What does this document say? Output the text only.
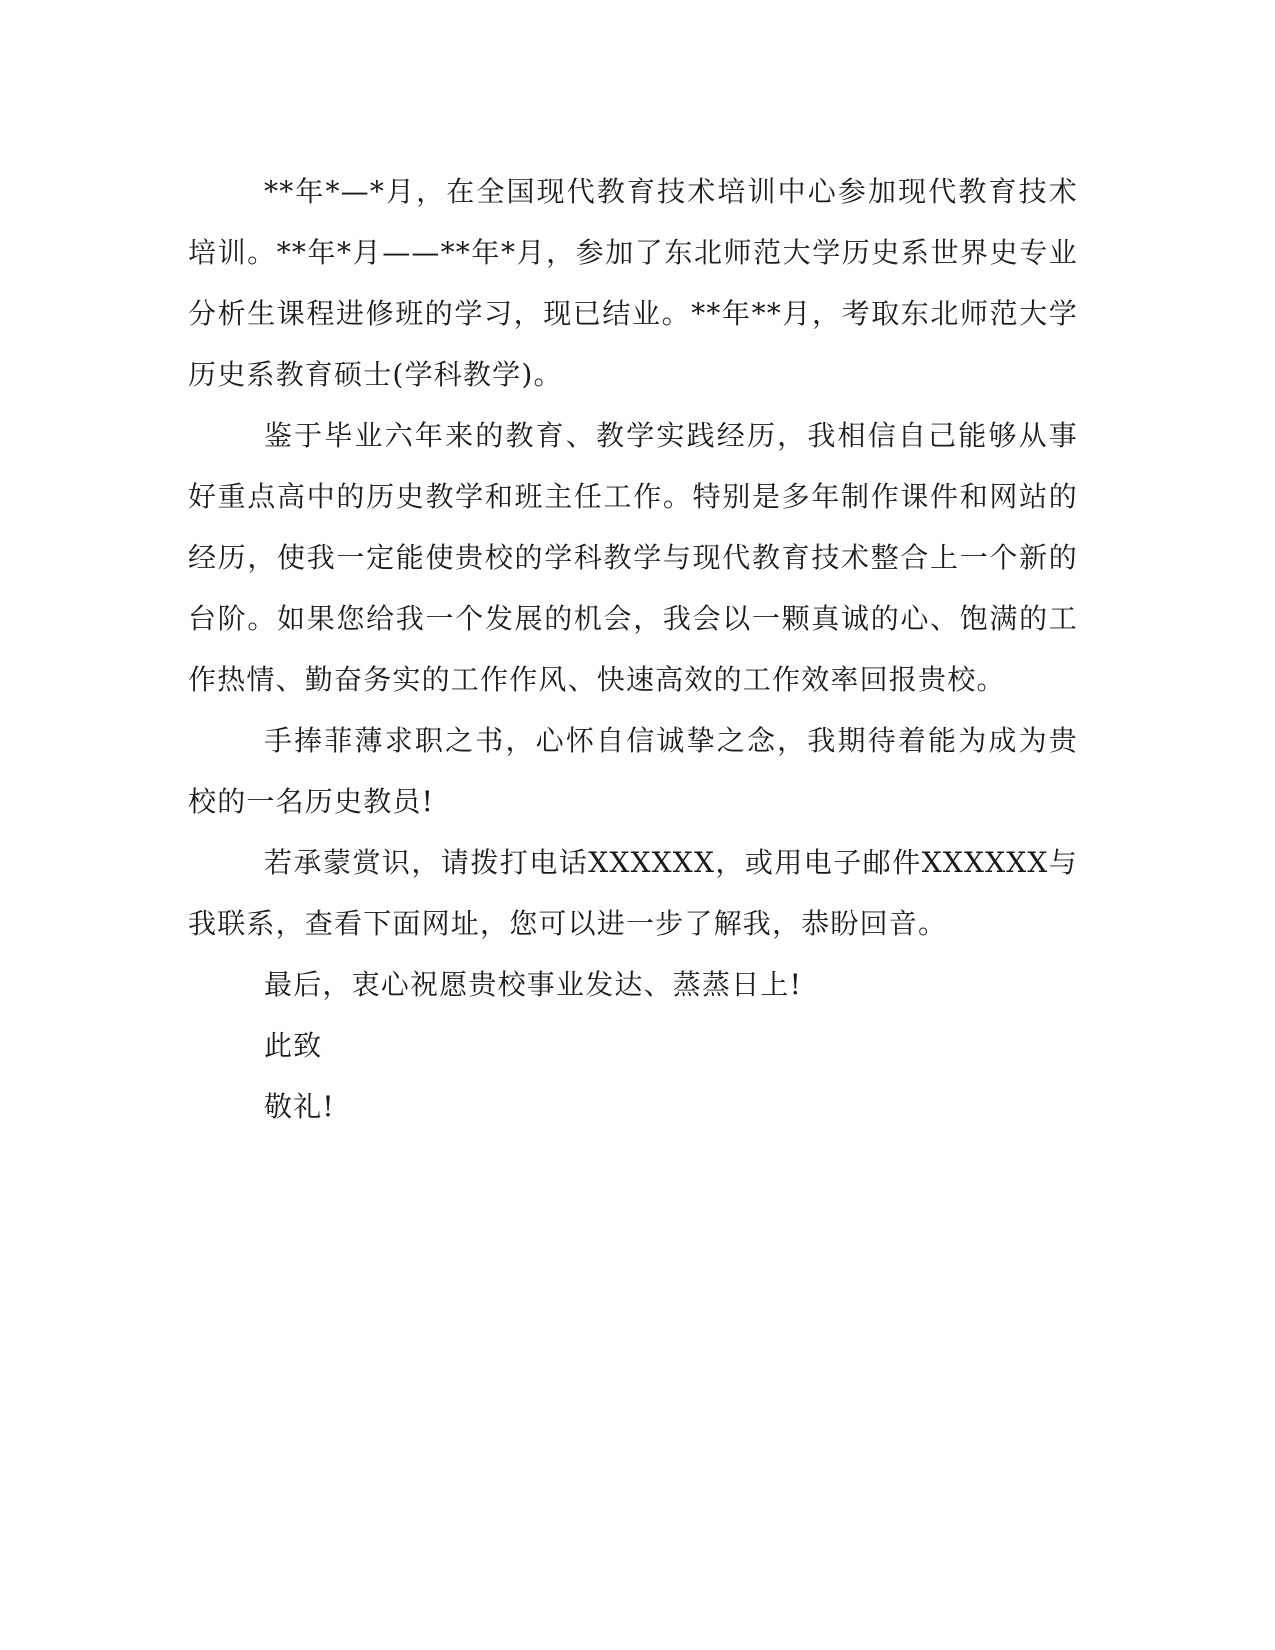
**年*—*月，在全国现代教育技术培训中心参加现代教育技术培训。**年*月——**年*月，参加了东北师范大学历史系世界史专业分析生课程进修班的学习，现已结业。**年**月，考取东北师范大学历史系教育硕士(学科教学)。

鉴于毕业六年来的教育、教学实践经历，我相信自己能够从事好重点高中的历史教学和班主任工作。特别是多年制作课件和网站的经历，使我一定能使贵校的学科教学与现代教育技术整合上一个新的台阶。如果您给我一个发展的机会，我会以一颗真诚的心、饱满的工作热情、勤奋务实的工作作风、快速高效的工作效率回报贵校。

手捧菲薄求职之书，心怀自信诚挚之念，我期待着能为成为贵校的一名历史教员!

若承蒙赏识，请拨打电话XXXXXX，或用电子邮件XXXXXX与我联系，查看下面网址，您可以进一步了解我，恭盼回音。

最后，衷心祝愿贵校事业发达、蒸蒸日上!

此致

敬礼!
